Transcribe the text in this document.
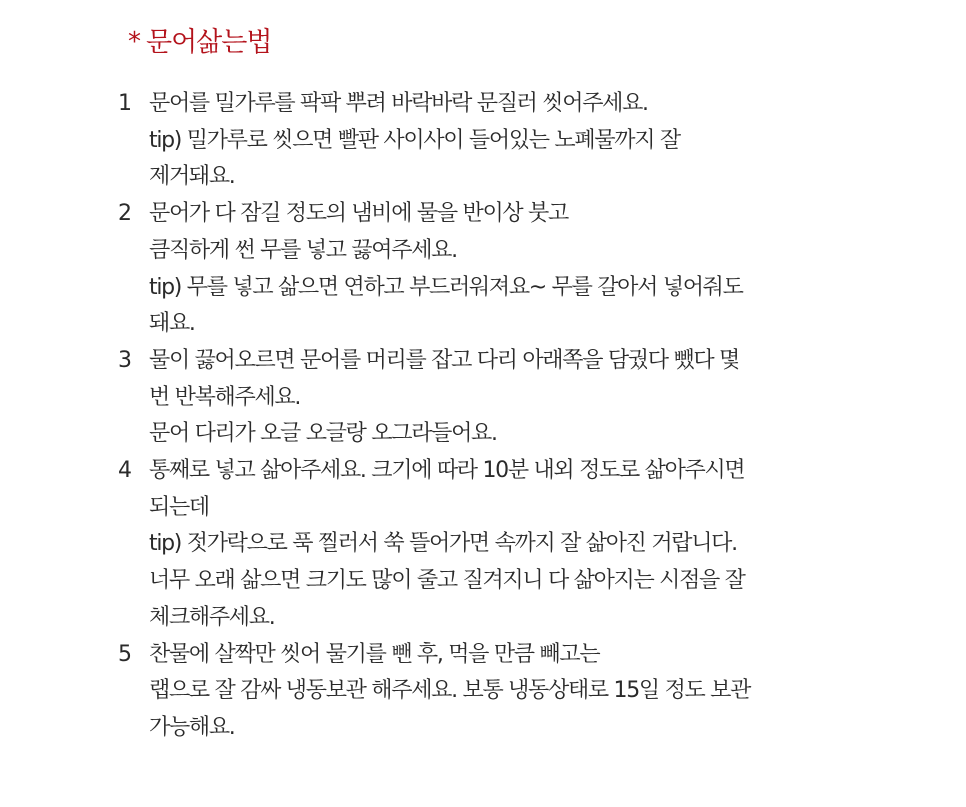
* 문어삶는법
1 문어를 밀가루를 팍팍 뿌려 바락바락 문질러 씻어주세요.
tip) 밀가루로 씻으면 빨판 사이사이 들어있는 노폐물까지 잘
제거돼요.
2 문어가 다 잠길 정도의 냄비에 물을 반이상 붓고
큼직하게 썬 무를 넣고 끓여주세요.
tip) 무를 넣고 삶으면 연하고 부드러워져요~ 무를 갈아서 넣어줘도
돼요.
3 물이 끓어오르면 문어를 머리를 잡고 다리 아래쪽을 담궜다 뺐다 몇
번 반복해주세요.
문어 다리가 오글 오글랑 오그라들어요.
4 통째로 넣고 삶아주세요. 크기에 따라 10분 내외 정도로 삶아주시면
되는데
tip) 젓가락으로 푹 찔러서 쑥 뜰어가면 속까지 잘 삶아진 거랍니다.
너무 오래 삶으면 크기도 많이 줄고 질겨지니 다 삶아지는 시점을 잘
체크해주세요.
5 찬물에 살짝만 씻어 물기를 뺀 후, 먹을 만큼 빼고는
랩으로 잘 감싸 냉동보관 해주세요. 보통 냉동상태로 15일 정도 보관
가능해요.
